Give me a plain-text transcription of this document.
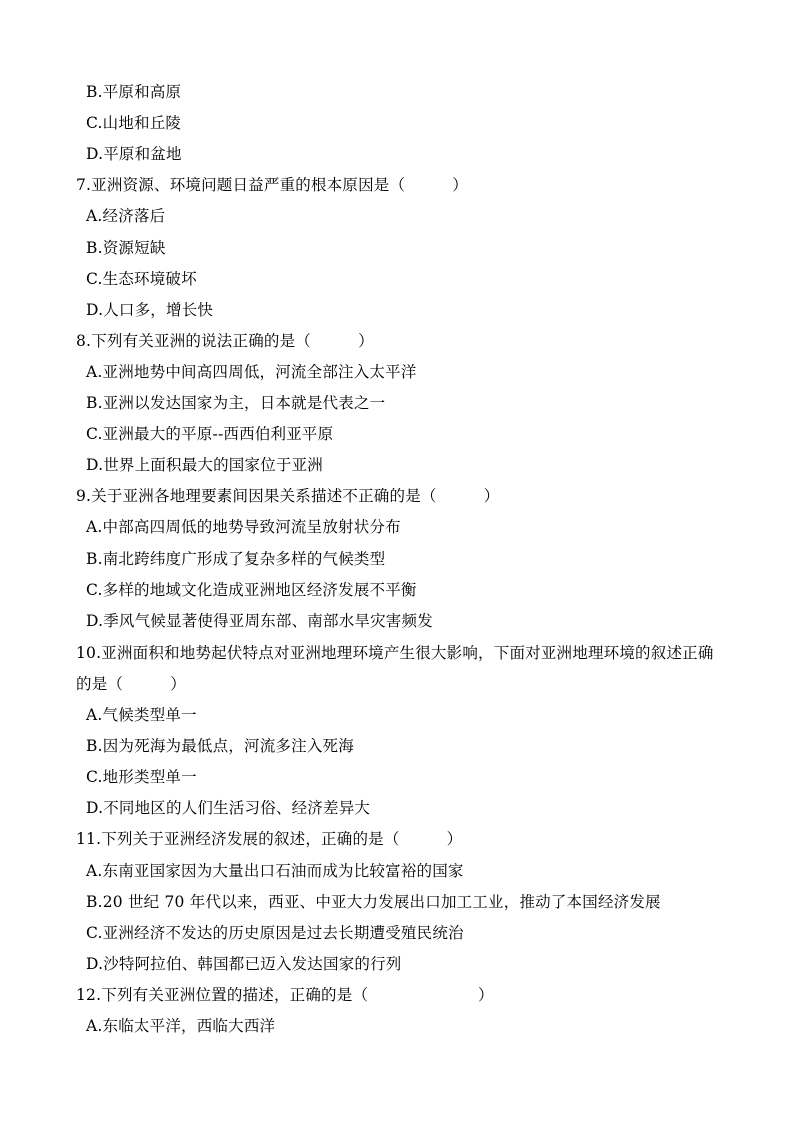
B.平原和高原
C.山地和丘陵
D.平原和盆地
7.亚洲资源、环境问题日益严重的根本原因是（　　　）
A.经济落后
B.资源短缺
C.生态环境破坏
D.人口多，增长快
8.下列有关亚洲的说法正确的是（　　　）
A.亚洲地势中间高四周低，河流全部注入太平洋
B.亚洲以发达国家为主，日本就是代表之一
C.亚洲最大的平原--西西伯利亚平原
D.世界上面积最大的国家位于亚洲
9.关于亚洲各地理要素间因果关系描述不正确的是（　　　）
A.中部高四周低的地势导致河流呈放射状分布
B.南北跨纬度广形成了复杂多样的气候类型
C.多样的地域文化造成亚洲地区经济发展不平衡
D.季风气候显著使得亚周东部、南部水旱灾害频发
10.亚洲面积和地势起伏特点对亚洲地理环境产生很大影响，下面对亚洲地理环境的叙述正确
的是（　　　）
A.气候类型单一
B.因为死海为最低点，河流多注入死海
C.地形类型单一
D.不同地区的人们生活习俗、经济差异大
11.下列关于亚洲经济发展的叙述，正确的是（　　　）
A.东南亚国家因为大量出口石油而成为比较富裕的国家
B.20 世纪 70 年代以来，西亚、中亚大力发展出口加工工业，推动了本国经济发展
C.亚洲经济不发达的历史原因是过去长期遭受殖民统治
D.沙特阿拉伯、韩国都已迈入发达国家的行列
12.下列有关亚洲位置的描述，正确的是（　　　　　　　）
A.东临太平洋，西临大西洋
